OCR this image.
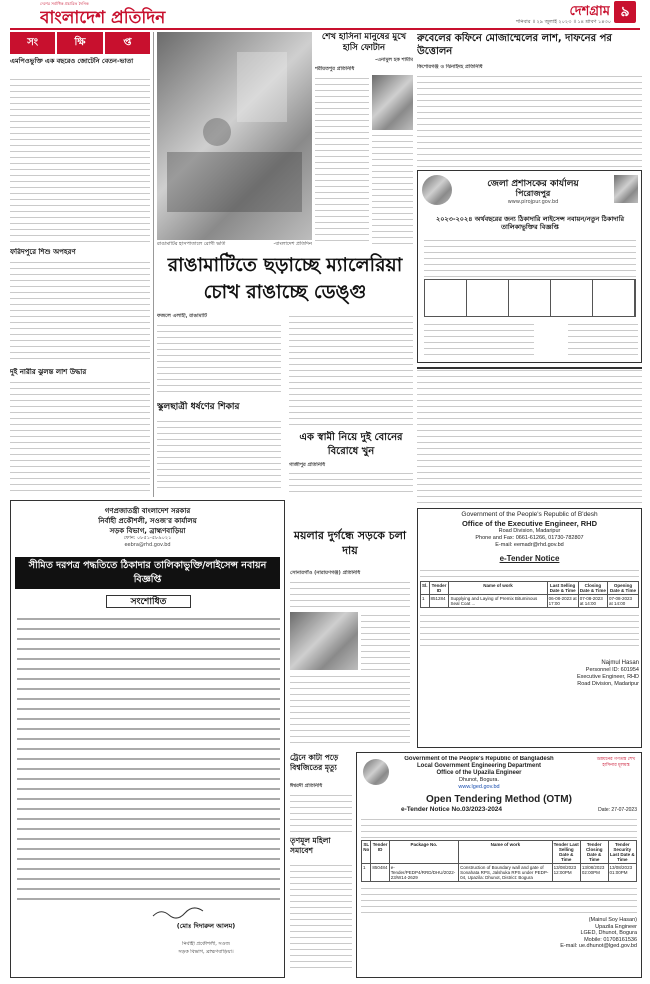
দেশের সর্বাধিক প্রচারিত দৈনিক
বাংলাদেশ প্রতিদিন	দেশগ্রাম ৯
শনিবার ॥ ২৯ জুলাই ২০২৩ ॥ ১৪ শ্রাবণ ১৪৩০
সং	ক্ষি	প্ত
এমপিওভুক্তি এক বছরেও জোটেনি বেতন-ভাতা
ফরিদপুরে শিশু অপহরণ
দুই নারীর ঝুলন্ত লাশ উদ্ধার
রাঙামাটির হাসপাতালে রোগী ভর্তি	-বাংলাদেশ প্রতিদিন
শেখ হাসিনা মানুষের মুখে হাসি ফোটান
-এনামুল হক শামীম
শরীয়তপুর প্রতিনিধি
রুবেলের কফিনে মোজাম্মেলের লাশ, দাফনের পর উত্তোলন
কিশোরগঞ্জ ও ঝিনাইদহ প্রতিনিধি
জেলা প্রশাসকের কার্যালয়
পিরোজপুর
www.pirojpur.gov.bd
২০২৩-২০২৪ অর্থবছরের জন্য ঠিকাদারি লাইসেন্স নবায়ন/নতুন ঠিকাদারি তালিকাভুক্তির বিজ্ঞপ্তি
রাঙামাটিতে ছড়াচ্ছে ম্যালেরিয়া চোখ রাঙাচ্ছে ডেঙ্গু
ফজলে এলাহী, রাঙামাটি
স্কুলছাত্রী ধর্ষণের শিকার
এক স্বামী নিয়ে দুই বোনের বিরোধে খুন
গাজীপুর প্রতিনিধি
ময়লার দুর্গন্ধে সড়কে চলা দায়
Government of the People's Republic of B'desh
Office of the Executive Engineer, RHD
Road Division, Madaripur
Phone and Fax: 0661-61266, 01730-782807
E-mail: eemadr@rhd.gov.bd
e-Tender Notice
Sl.	Tender ID	Name of work	Last Selling Date & Time	Closing Date & Time	Opening Date & Time
1	851284	Supplying and Laying of Premix Bituminous Seal Coat ...	06-08-2023 at 17:00	07-08-2023 at 14:00	07-08-2023 at 14:00
Najmul Hasan
Personnel ID: 601954
Executive Engineer, RHD
Road Division, Madaripur
গণপ্রজাতন্ত্রী বাংলাদেশ সরকার
নির্বাহী প্রকৌশলী, সওজ'র কার্যালয়
সড়ক বিভাগ, ব্রাহ্মণবাড়িয়া
ফোন: ০৮৫১-৫৮৯০২১
eebra@rhd.gov.bd
সীমিত দরপত্র পদ্ধতিতে ঠিকাদার তালিকাভুক্তি/লাইসেন্স নবায়ন বিজ্ঞপ্তি
সংশোধিত
(মোঃ দিদারুল আলম)
নির্বাহী প্রকৌশলী, সওজ
সড়ক বিভাগ, ব্রাহ্মণবাড়িয়া।
সোনারগাঁও (নারায়ণগঞ্জ) প্রতিনিধি
ট্রেনে কাটা পড়ে বিশ্বজিতের মৃত্যু
ঈশ্বরদী প্রতিনিধি
তৃণমূল মহিলা সমাবেশ
Government of the People's Republic of Bangladesh
Local Government Engineering Department
Office of the Upazila Engineer
Dhunot, Bogura.
www.lged.gov.bd
Open Tendering Method (OTM)
e-Tender Notice No.03/2023-2024	Date: 27-07-2023
SL No	Tender ID	Package No.	Name of work	Tender Last Selling Date & Time	Tender Closing Date & Time	Tender Security Last Date & Time
1	850484	e-Tender/PEDP4/RRD/DHU/2022-23/W14-2629	Construction of Boundary wall and gate of Sonahata RPS, Jalshuka RPS under PEDP-04, Upazila: Dhunot, District: Bogura	13/08/2023 12:00PM	13/08/2023 02:00PM	13/08/2023 01:00PM
(Mainul Soy Hasan)
Upazila Engineer
LGED, Dhunot, Bogura
Mobile: 01708161536
E-mail: ue.dhunot@lged.gov.bd
উন্নয়নের গণতন্ত্র শেখ হাসিনার মূলমন্ত্র
